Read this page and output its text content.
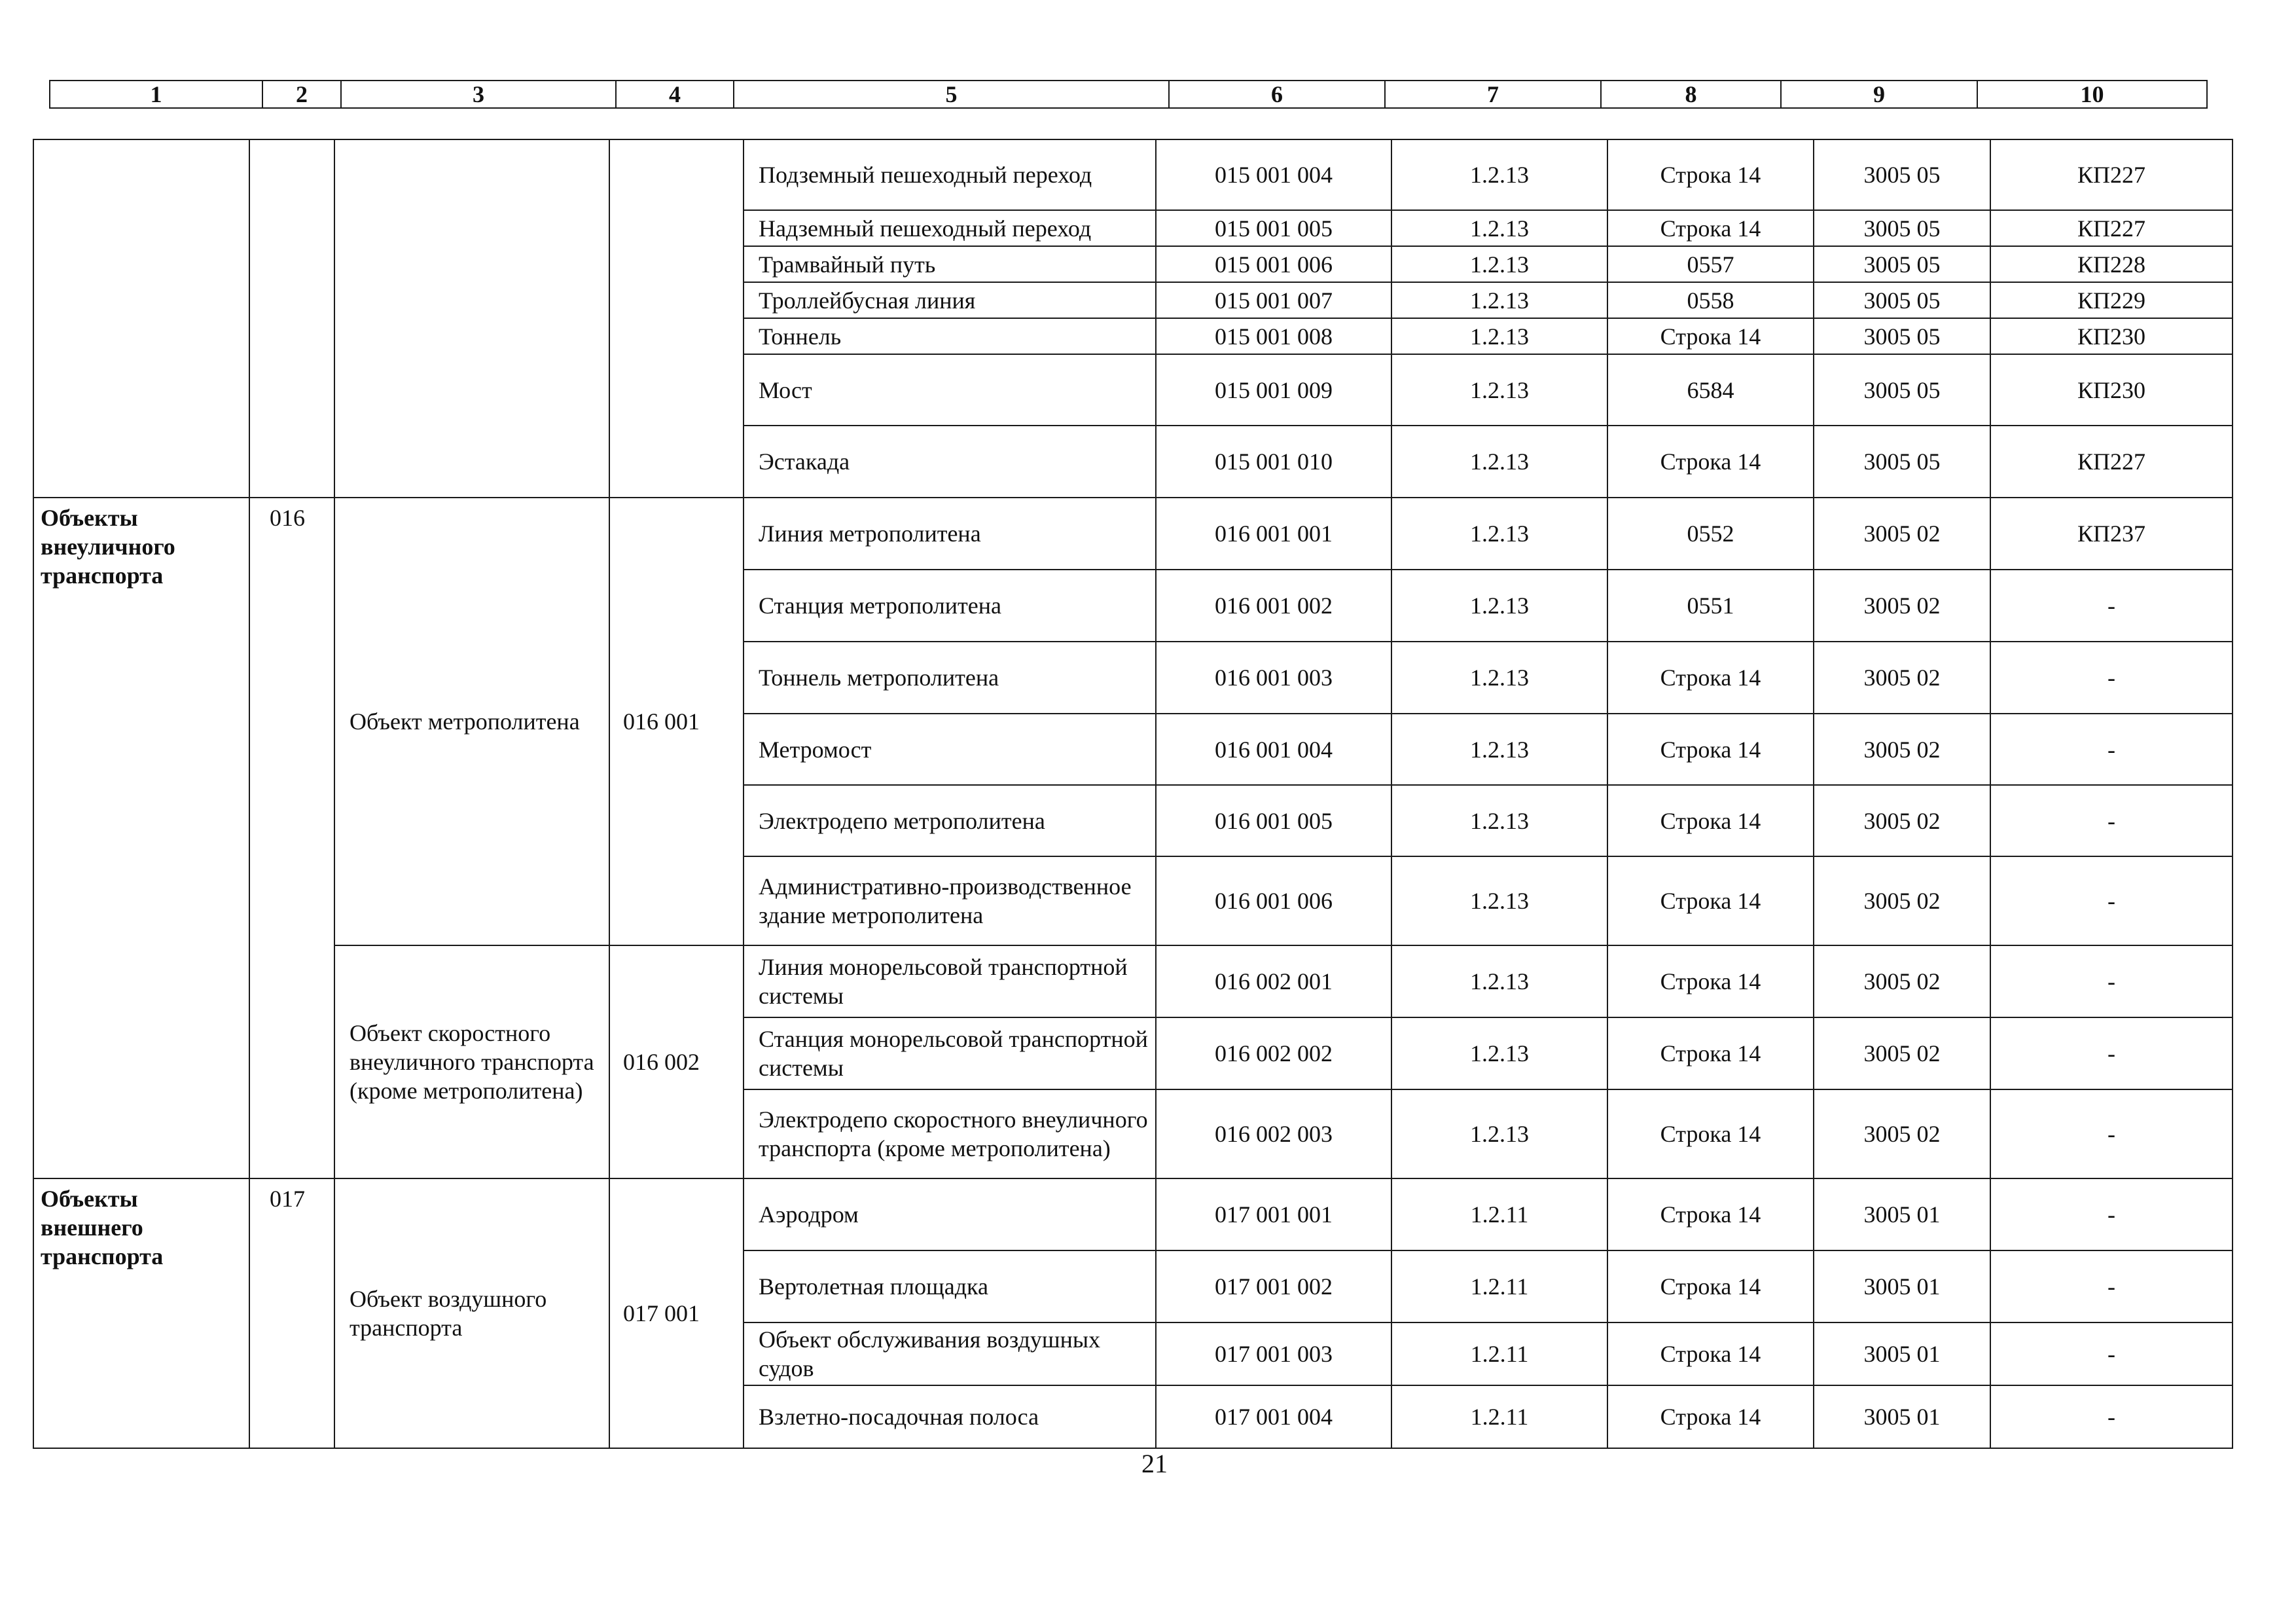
1	2	3	4	5	6	7	8	9	10
				Подземный пешеходный переход	015 001 004	1.2.13	Строка 14	3005 05	КП227
				Надземный пешеходный переход	015 001 005	1.2.13	Строка 14	3005 05	КП227
				Трамвайный путь	015 001 006	1.2.13	0557	3005 05	КП228
				Троллейбусная линия	015 001 007	1.2.13	0558	3005 05	КП229
				Тоннель	015 001 008	1.2.13	Строка 14	3005 05	КП230
				Мост	015 001 009	1.2.13	6584	3005 05	КП230
				Эстакада	015 001 010	1.2.13	Строка 14	3005 05	КП227
Объекты внеуличного транспорта	016	Объект метрополитена	016 001	Линия метрополитена	016 001 001	1.2.13	0552	3005 02	КП237
				Станция метрополитена	016 001 002	1.2.13	0551	3005 02	-
				Тоннель метрополитена	016 001 003	1.2.13	Строка 14	3005 02	-
				Метромост	016 001 004	1.2.13	Строка 14	3005 02	-
				Электродепо метрополитена	016 001 005	1.2.13	Строка 14	3005 02	-
				Административно-производственное здание метрополитена	016 001 006	1.2.13	Строка 14	3005 02	-
		Объект скоростного внеуличного транспорта (кроме метрополитена)	016 002	Линия монорельсовой транспортной системы	016 002 001	1.2.13	Строка 14	3005 02	-
				Станция монорельсовой транспортной системы	016 002 002	1.2.13	Строка 14	3005 02	-
				Электродепо скоростного внеуличного транспорта (кроме метрополитена)	016 002 003	1.2.13	Строка 14	3005 02	-
Объекты внешнего транспорта	017	Объект воздушного транспорта	017 001	Аэродром	017 001 001	1.2.11	Строка 14	3005 01	-
				Вертолетная площадка	017 001 002	1.2.11	Строка 14	3005 01	-
				Объект обслуживания воздушных судов	017 001 003	1.2.11	Строка 14	3005 01	-
				Взлетно-посадочная полоса	017 001 004	1.2.11	Строка 14	3005 01	-
21
